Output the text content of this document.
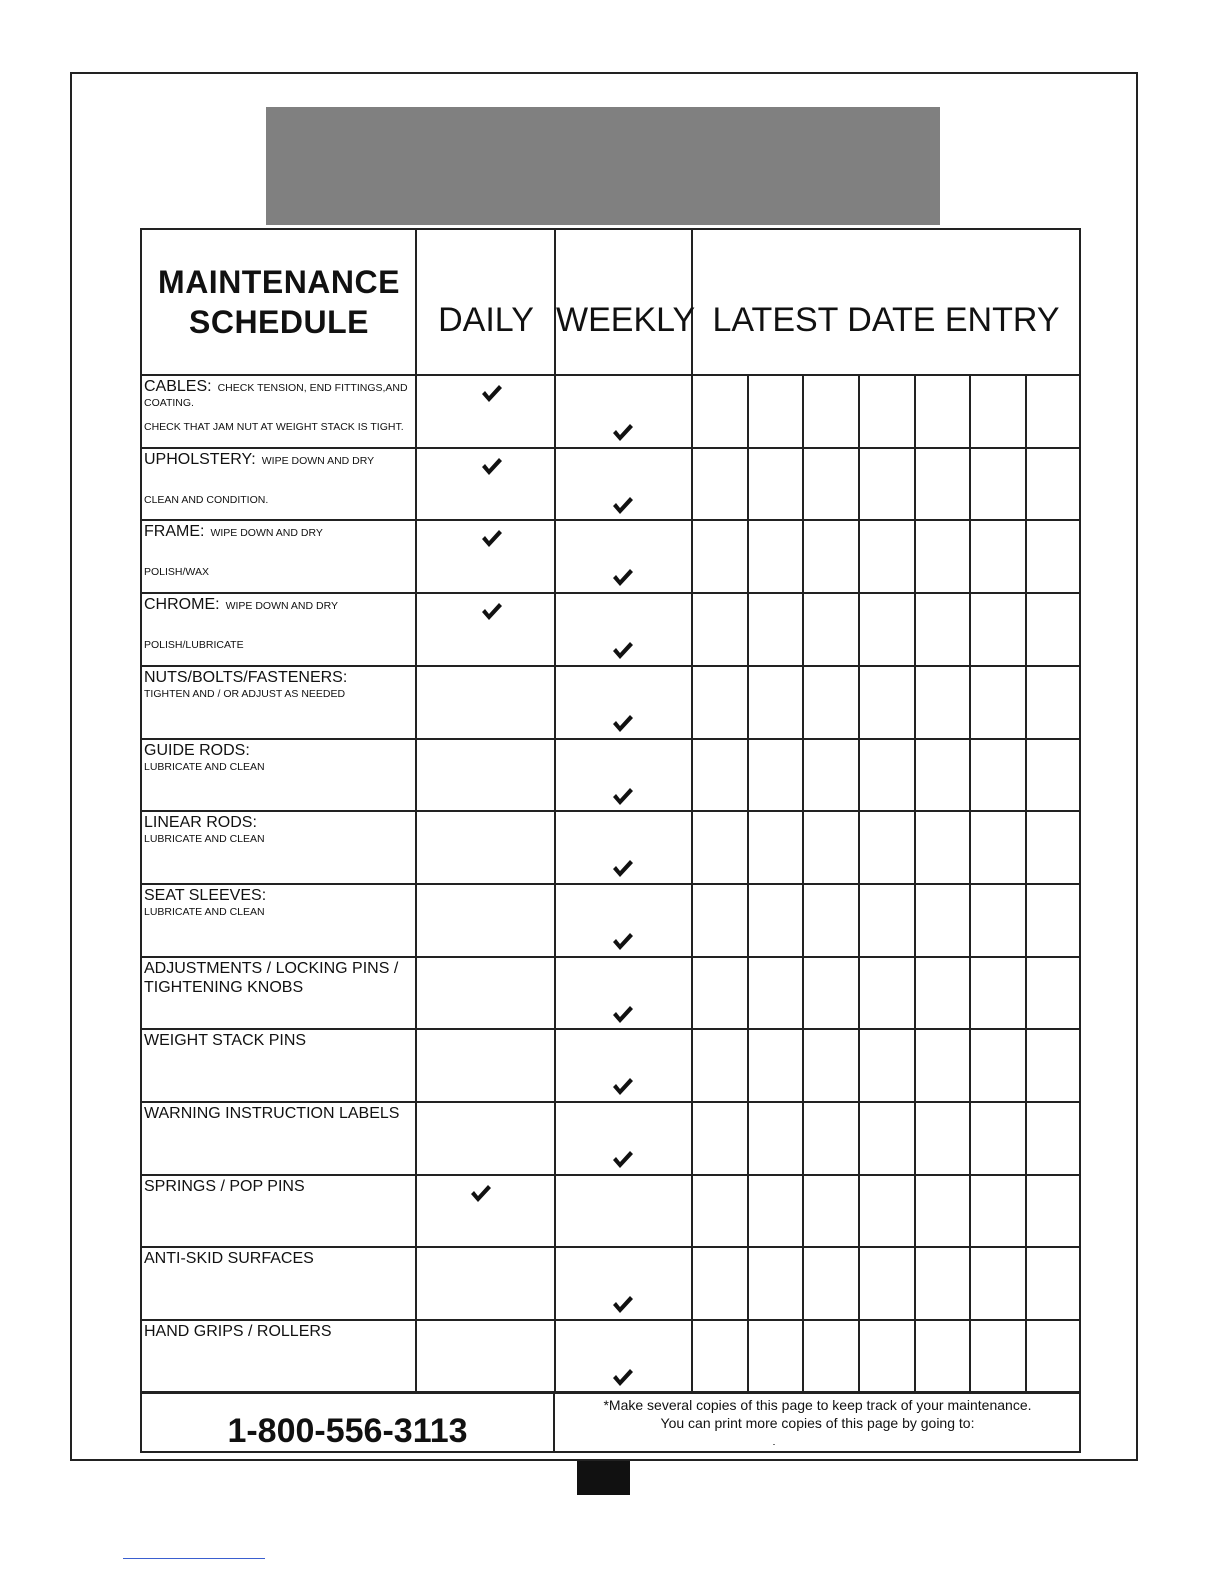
MAINTENANCE
SCHEDULE	DAILY WEEKLY LATEST DATE ENTRY
CABLES: CHECK TENSION, END FITTINGS,AND
COATING.
CHECK THAT JAM NUT AT WEIGHT STACK IS TIGHT.
UPHOLSTERY: WIPE DOWN AND DRY
CLEAN AND CONDITION.
FRAME: WIPE DOWN AND DRY
POLISH/WAX
CHROME: WIPE DOWN AND DRY
POLISH/LUBRICATE
NUTS/BOLTS/FASTENERS:
TIGHTEN AND / OR ADJUST AS NEEDED
GUIDE RODS:
LUBRICATE AND CLEAN
LINEAR RODS:
LUBRICATE AND CLEAN
SEAT SLEEVES:
LUBRICATE AND CLEAN
ADJUSTMENTS / LOCKING PINS /
TIGHTENING KNOBS
WEIGHT STACK PINS
WARNING INSTRUCTION LABELS
SPRINGS / POP PINS
ANTI-SKID SURFACES
HAND GRIPS / ROLLERS
1-800-556-3113
*Make several copies of this page to keep track of your maintenance.
You can print more copies of this page by going to:
